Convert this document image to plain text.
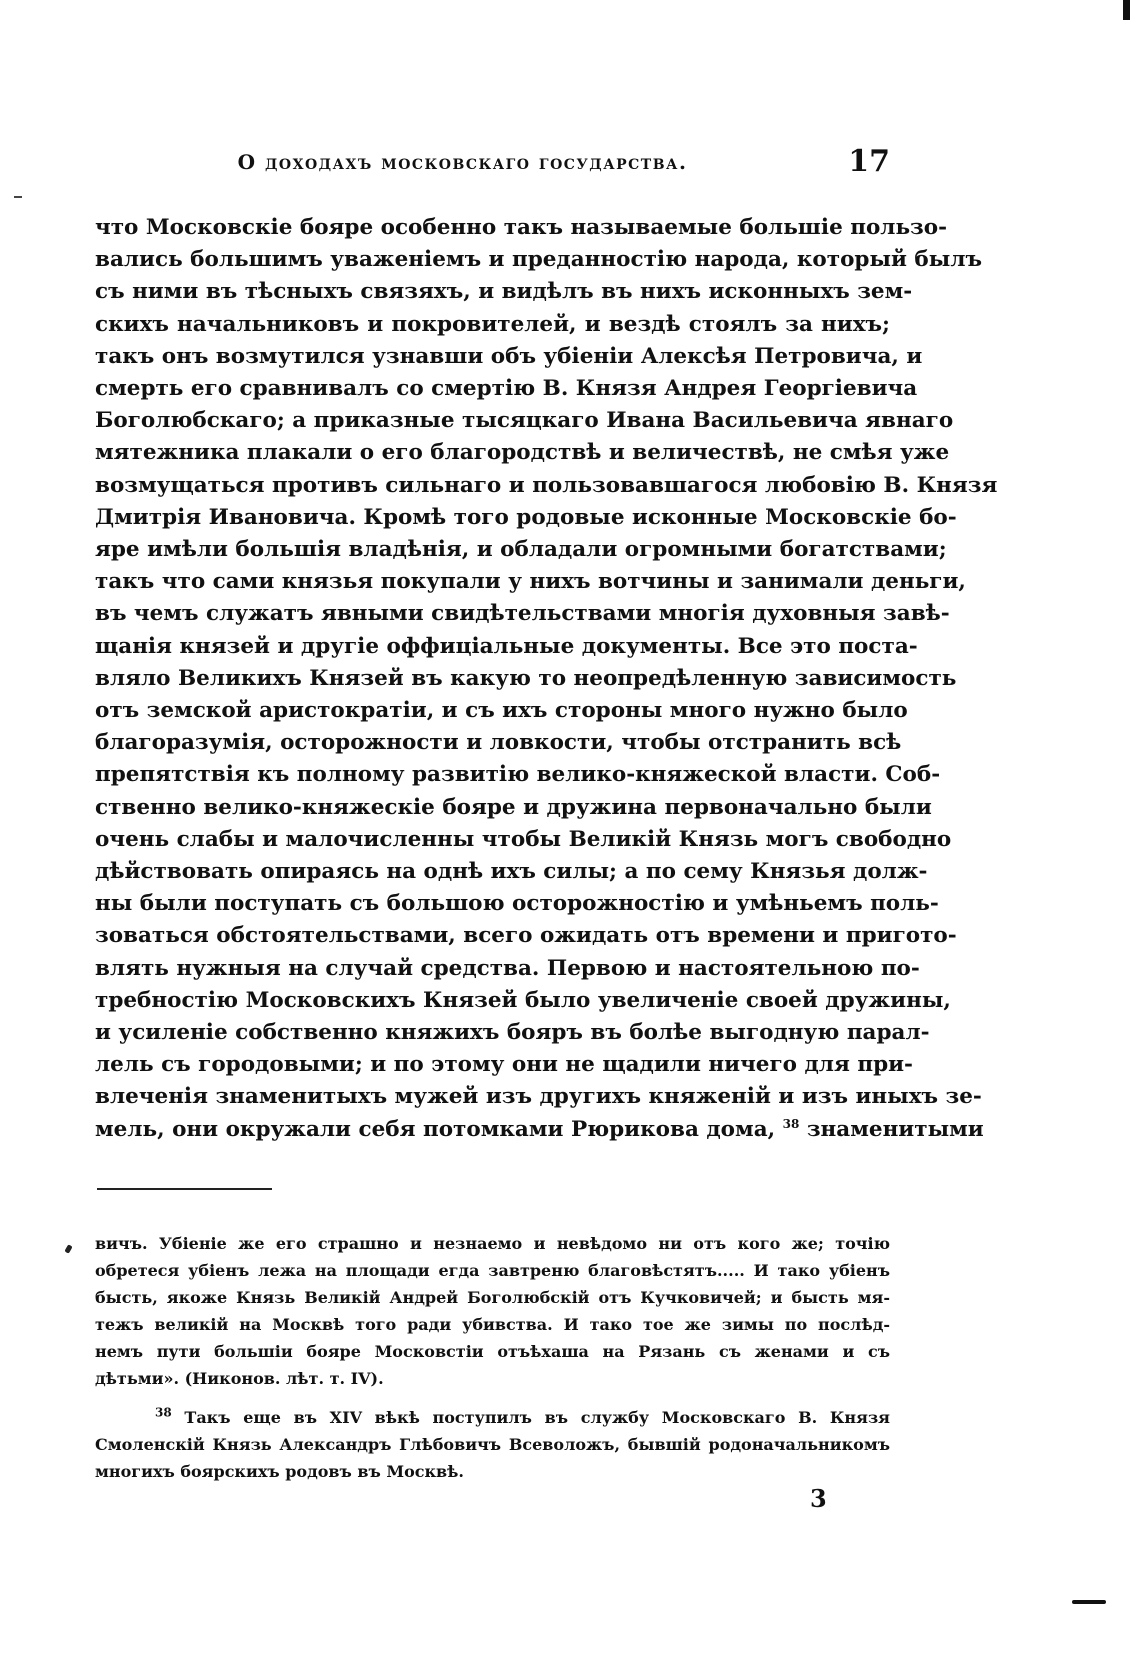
О доходахъ московскаго государства.	17
что Московскіе бояре особенно такъ называемые большіе пользо-
вались большимъ уваженіемъ и преданностію народа, который былъ
съ ними въ тѣсныхъ связяхъ, и видѣлъ въ нихъ исконныхъ зем-
скихъ начальниковъ и покровителей, и вездѣ стоялъ за нихъ;
такъ онъ возмутился узнавши объ убіеніи Алексѣя Петровича, и
смерть его сравнивалъ со смертію В. Князя Андрея Георгіевича
Боголюбскаго; а приказные тысяцкаго Ивана Васильевича явнаго
мятежника плакали о его благородствѣ и величествѣ, не смѣя уже
возмущаться противъ сильнаго и пользовавшагося любовію В. Князя
Дмитрія Ивановича. Кромѣ того родовые исконные Московскіе бо-
яре имѣли большія владѣнія, и обладали огромными богатствами;
такъ что сами князья покупали у нихъ вотчины и занимали деньги,
въ чемъ служатъ явными свидѣтельствами многія духовныя завѣ-
щанія князей и другіе оффиціальные документы. Все это поста-
вляло Великихъ Князей въ какую то неопредѣленную зависимость
отъ земской аристократіи, и съ ихъ стороны много нужно было
благоразумія, осторожности и ловкости, чтобы отстранить всѣ
препятствія къ полному развитію велико-княжеской власти. Соб-
ственно велико-княжескіе бояре и дружина первоначально были
очень слабы и малочисленны чтобы Великій Князь могъ свободно
дѣйствовать опираясь на однѣ ихъ силы; а по сему Князья долж-
ны были поступать съ большою осторожностію и умѣньемъ поль-
зоваться обстоятельствами, всего ожидать отъ времени и пригото-
влять нужныя на случай средства. Первою и настоятельною по-
требностію Московскихъ Князей было увеличеніе своей дружины,
и усиленіе собственно княжихъ бояръ въ болѣе выгодную парал-
лель съ городовыми; и по этому они не щадили ничего для при-
влеченія знаменитыхъ мужей изъ другихъ княженій и изъ иныхъ зе-
мель, они окружали себя потомками Рюрикова дома, $^{38}$ знаменитыми
вичъ. Убіеніе же его страшно и незнаемо и невѣдомо ни отъ кого же; точію
обретеся убіенъ лежа на площади егда завтреню благовѣстятъ..... И тако убіенъ
бысть, якоже Князь Великій Андрей Боголюбскій отъ Кучковичей; и бысть мя-
тежъ великій на Москвѣ того ради убивства. И тако тое же зимы по послѣд-
немъ пути большіи бояре Московстіи отъѣхаша на Рязань съ женами и съ
дѣтьми». (Никонов. лѣт. т. IV).
$^{38}$ Такъ еще въ XIV вѣкѣ поступилъ въ службу Московскаго В. Князя
Смоленскій Князь Александръ Глѣбовичъ Всеволожъ, бывшій родоначальникомъ
многихъ боярскихъ родовъ въ Москвѣ.
3
